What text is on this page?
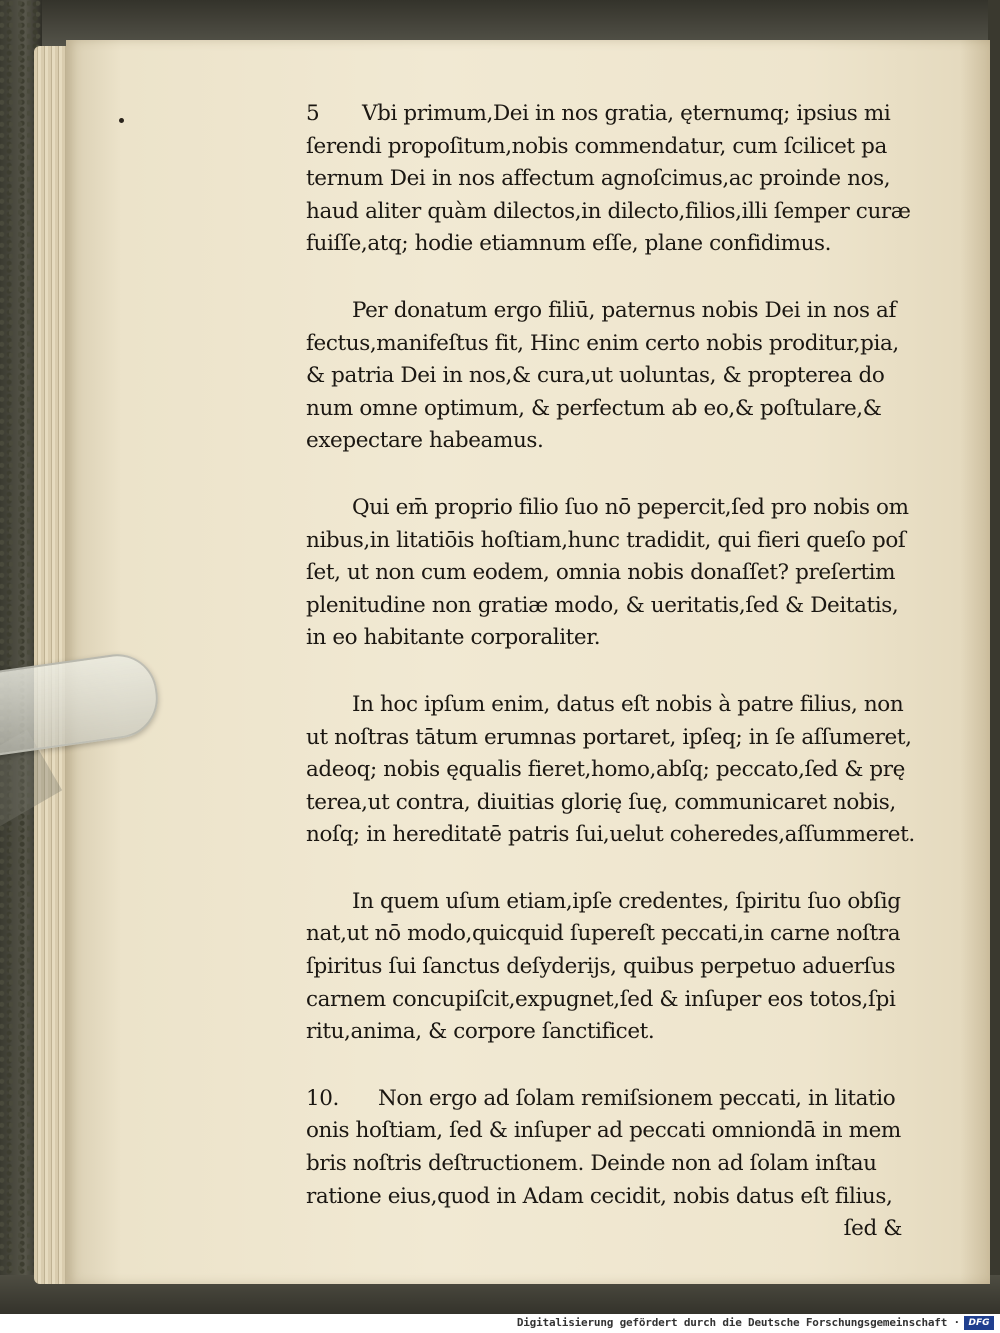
5 Vbi primum,Dei in nos gratia, ęternumq; ipsius mi
ſerendi propoſitum,nobis commendatur, cum ſcilicet pa
ternum Dei in nos affectum agnoſcimus,ac proinde nos,
haud aliter quàm dilectos,in dilecto,filios,illi ſemper curæ
fuiſſe,atq; hodie etiamnum eſſe, plane confidimus.
Per donatum ergo filiū, paternus nobis Dei in nos af
fectus,manifeſtus fit, Hinc enim certo nobis proditur,pia,
& patria Dei in nos,& cura,ut uoluntas, & propterea do
num omne optimum, & perfectum ab eo,& poſtulare,&
exepectare habeamus.
Qui em̄ proprio filio ſuo nō pepercit,ſed pro nobis om
nibus,in litatiōis hoſtiam,hunc tradidit, qui fieri queſo poſ
ſet, ut non cum eodem, omnia nobis donaſſet? preſertim
plenitudine non gratiæ modo, & ueritatis,ſed & Deitatis,
in eo habitante corporaliter.
In hoc ipſum enim, datus eſt nobis à patre filius, non
ut noſtras tātum erumnas portaret, ipſeq; in ſe aſſumeret,
adeoq; nobis ęqualis fieret,homo,abſq; peccato,ſed & prę
terea,ut contra, diuitias glorię ſuę, communicaret nobis,
noſq; in hereditatē patris ſui,uelut coheredes,aſſummeret.
In quem uſum etiam,ipſe credentes, ſpiritu ſuo obſig
nat,ut nō modo,quicquid ſupereſt peccati,in carne noſtra
ſpiritus ſui ſanctus deſyderijs, quibus perpetuo aduerſus
carnem concupiſcit,expugnet,ſed & inſuper eos totos,ſpi
ritu,anima, & corpore ſanctificet.
10. Non ergo ad ſolam remiſsionem peccati, in litatio
onis hoſtiam, ſed & inſuper ad peccati omniondā in mem
bris noſtris deſtructionem. Deinde non ad ſolam inſtau
ratione eius,quod in Adam cecidit, nobis datus eſt filius,
ſed &
Digitalisierung gefördert durch die Deutsche Forschungsgemeinschaft · DFG
